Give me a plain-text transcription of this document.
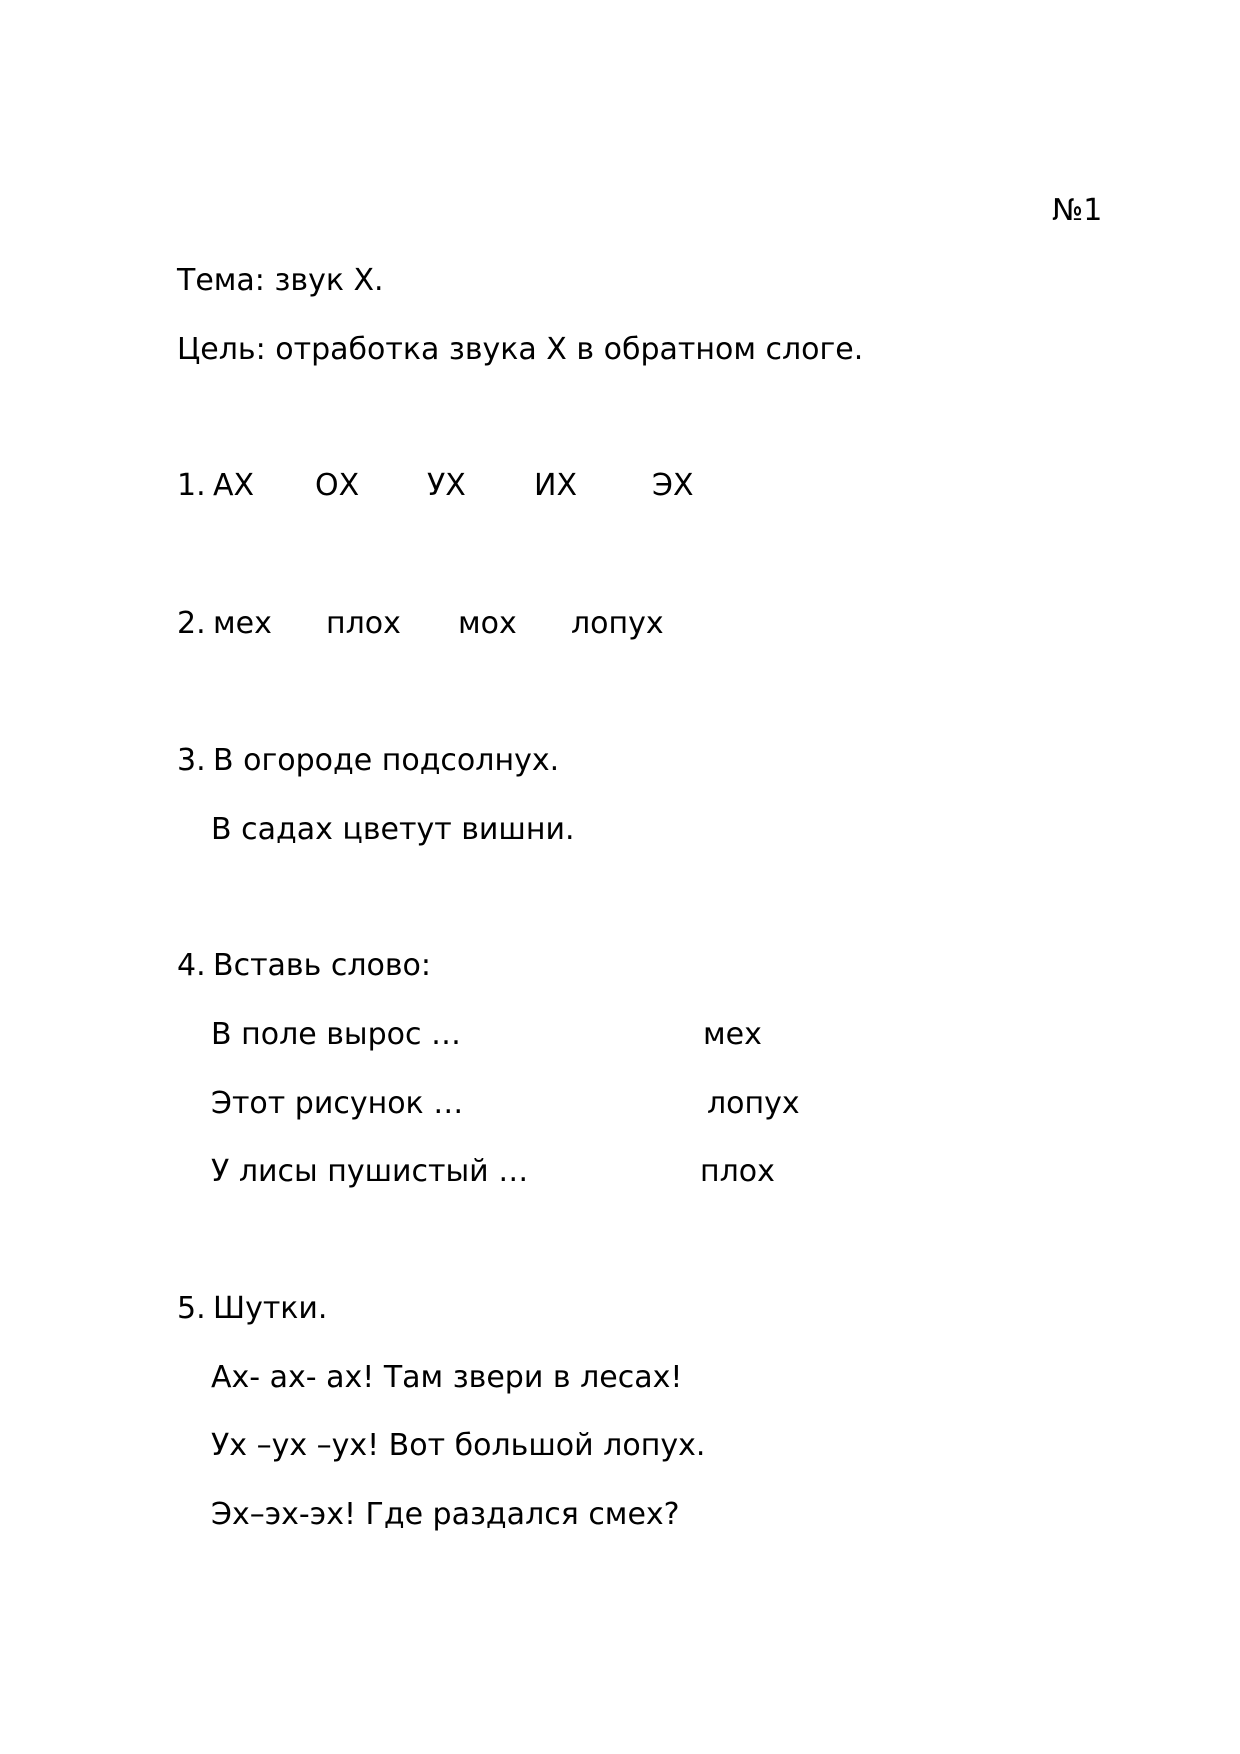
№1
Тема: звук Х.
Цель: отработка звука Х в обратном слоге.
1. АХ ОХ УХ ИХ	ЭХ
2. мех плох мох лопух
3. В огороде подсолнух.
В садах цветут вишни.
4. Вставь слово:
В поле вырос …	мех
Этот рисунок …	лопух
У лисы пушистый …	плох
5. Шутки.
Ах- ах- ах! Там звери в лесах!
Ух –ух –ух! Вот большой лопух.
Эх–эх-эх! Где раздался смех?
